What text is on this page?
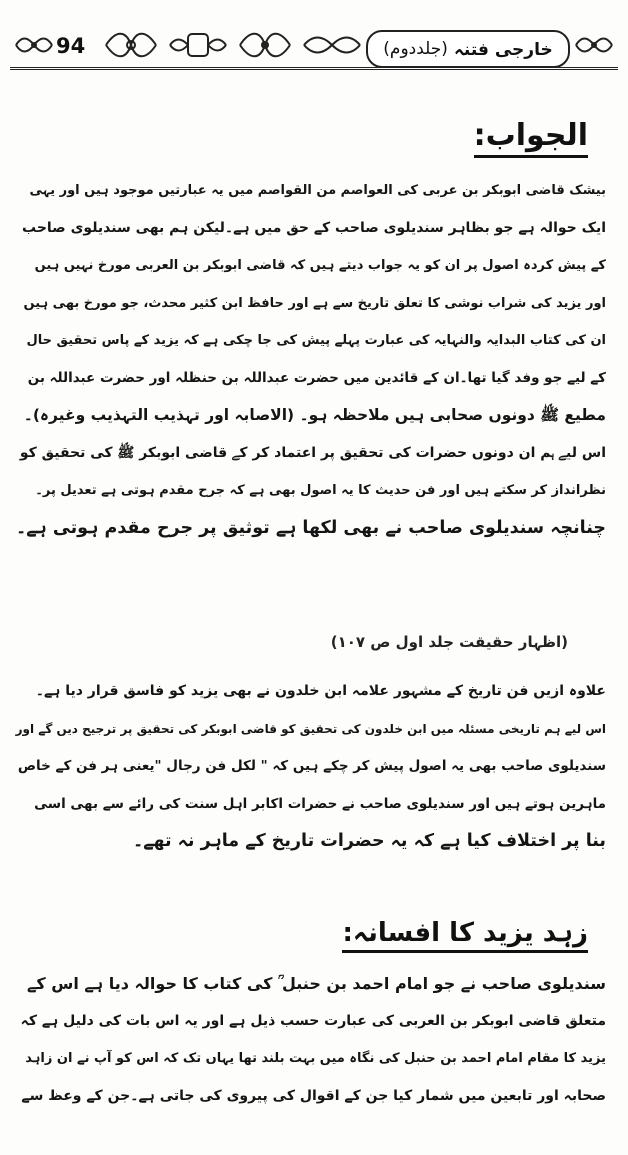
94	خارجی فتنہ
(جلددوم)
الجواب:
بیشک قاضی ابوبکر بن عربی کی العواصم من القواصم میں یہ عبارتیں موجود ہیں اور یہی
ایک حوالہ ہے جو بظاہر سندیلوی صاحب کے حق میں ہے۔لیکن ہم بھی سندیلوی صاحب
کے پیش کردہ اصول پر ان کو یہ جواب دیتے ہیں کہ قاضی ابوبکر بن العربی مورخ نہیں ہیں
اور یزید کی شراب نوشی کا تعلق تاریخ سے ہے اور حافظ ابن کثیر محدث، جو مورخ بھی ہیں
ان کی کتاب البدایہ والنہایہ کی عبارت پہلے پیش کی جا چکی ہے کہ یزید کے پاس تحقیق حال
کے لیے جو وفد گیا تھا۔ان کے قائدین میں حضرت عبداللہ بن حنظلہ اور حضرت عبداللہ بن
مطیع ﷺ دونوں صحابی ہیں ملاحظہ ہو۔ (الاصابہ اور تہذیب التہذیب وغیرہ)۔
اس لیے ہم ان دونوں حضرات کی تحقیق پر اعتماد کر کے قاضی ابوبکر ﷺ کی تحقیق کو
نظرانداز کر سکتے ہیں اور فن حدیث کا یہ اصول بھی ہے کہ جرح مقدم ہوتی ہے تعدیل پر۔
چنانچہ سندیلوی صاحب نے بھی لکھا ہے توثیق پر جرح مقدم ہوتی ہے۔
(اظہار حقیقت جلد اول ص ۱۰۷)
علاوہ ازیں فن تاریخ کے مشہور علامہ ابن خلدون نے بھی یزید کو فاسق قرار دیا ہے۔
اس لیے ہم تاریخی مسئلہ میں ابن خلدون کی تحقیق کو قاضی ابوبکر کی تحقیق پر ترجیح دیں گے اور
سندیلوی صاحب بھی یہ اصول پیش کر چکے ہیں کہ " لکل فن رجال "یعنی ہر فن کے خاص
ماہرین ہوتے ہیں اور سندیلوی صاحب نے حضرات اکابر اہل سنت کی رائے سے بھی اسی
بنا پر اختلاف کیا ہے کہ یہ حضرات تاریخ کے ماہر نہ تھے۔
زہد یزید کا افسانہ:
سندیلوی صاحب نے جو امام احمد بن حنبل ؒ کی کتاب کا حوالہ دیا ہے اس کے
متعلق قاضی ابوبکر بن العربی کی عبارت حسب ذیل ہے اور یہ اس بات کی دلیل ہے کہ
یزید کا مقام امام احمد بن حنبل کی نگاہ میں بہت بلند تھا یہاں تک کہ اس کو آپ نے ان زاہد
صحابہ اور تابعین میں شمار کیا جن کے اقوال کی پیروی کی جاتی ہے۔جن کے وعظ سے
